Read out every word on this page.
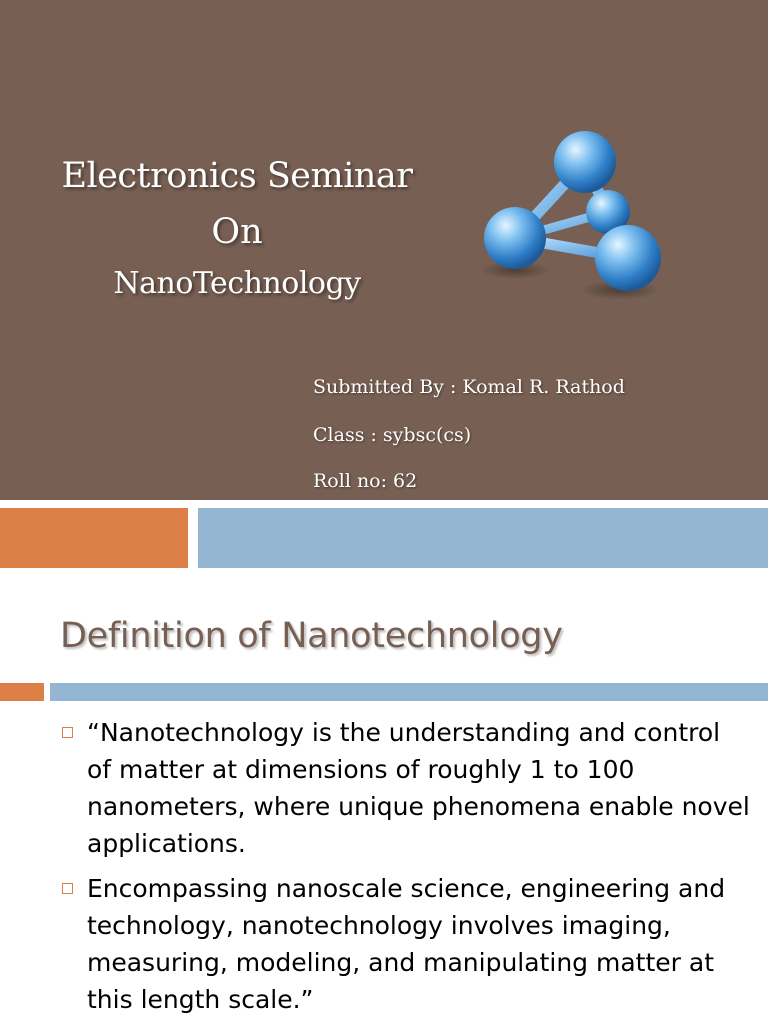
Electronics Seminar
On
NanoTechnology
Submitted By : Komal R. Rathod
Class : sybsc(cs)
Roll no: 62
Definition of Nanotechnology
“Nanotechnology is the understanding and control of matter at dimensions of roughly 1 to 100 nanometers, where unique phenomena enable novel applications.
Encompassing nanoscale science, engineering and technology, nanotechnology involves imaging, measuring, modeling, and manipulating matter at this length scale.”
